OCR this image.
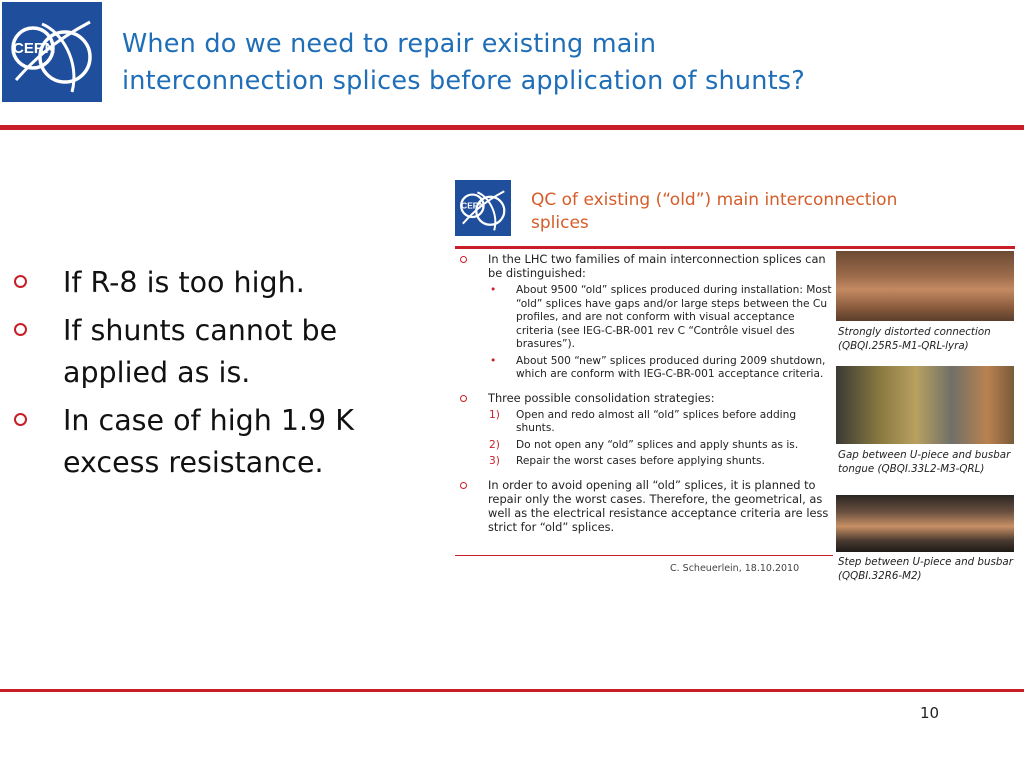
CERN	When do we need to repair existing main
interconnection splices before application of shunts?
If R-8 is too high.
If shunts cannot be applied as is.
In case of high 1.9 K excess resistance.
CERN	QC of existing (“old”) main interconnection
splices
In the LHC two families of main interconnection splices can be distinguished:
• About 9500 “old” splices produced during installation: Most “old” splices have gaps and/or large steps between the Cu profiles, and are not conform with visual acceptance criteria (see IEG-C-BR-001 rev C “Contrôle visuel des brasures”).
• About 500 “new” splices produced during 2009 shutdown, which are conform with IEG-C-BR-001 acceptance criteria.
Three possible consolidation strategies:
1) Open and redo almost all “old” splices before adding shunts.
2) Do not open any “old” splices and apply shunts as is.
3) Repair the worst cases before applying shunts.
In order to avoid opening all “old” splices, it is planned to repair only the worst cases. Therefore, the geometrical, as well as the electrical resistance acceptance criteria are less strict for “old” splices.
C. Scheuerlein, 18.10.2010
Strongly distorted connection (QBQI.25R5-M1-QRL-lyra)
Gap between U-piece and busbar tongue (QBQI.33L2-M3-QRL)
Step between U-piece and busbar (QQBI.32R6-M2)
10
